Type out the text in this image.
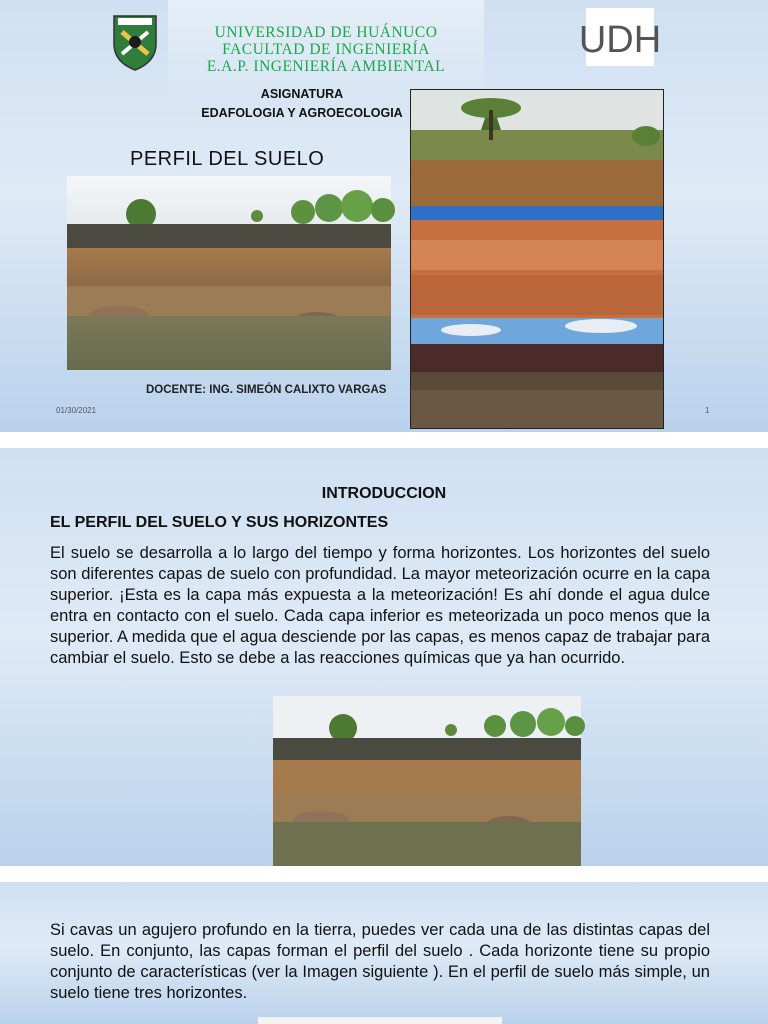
UNIVERSIDAD DE HUÁNUCO
FACULTAD DE INGENIERÍA
E.A.P. INGENIERÍA AMBIENTAL
UDH
ASIGNATURA
EDAFOLOGIA Y AGROECOLOGIA
PERFIL DEL SUELO
DOCENTE: ING. SIMEÓN CALIXTO VARGAS
01/30/2021	1
INTRODUCCION
EL PERFIL DEL SUELO Y SUS HORIZONTES

El suelo se desarrolla a lo largo del tiempo y forma horizontes. Los horizontes del suelo son diferentes capas de suelo con profundidad. La mayor meteorización ocurre en la capa superior. ¡Esta es la capa más expuesta a la meteorización! Es ahí donde el agua dulce entra en contacto con el suelo. Cada capa inferior es meteorizada un poco menos que la superior. A medida que el agua desciende por las capas, es menos capaz de trabajar para cambiar el suelo. Esto se debe a las reacciones químicas que ya han ocurrido.

Si cavas un agujero profundo en la tierra, puedes ver cada una de las distintas capas del suelo. En conjunto, las capas forman el perfil del suelo . Cada horizonte tiene su propio conjunto de características (ver la Imagen siguiente ). En el perfil de suelo más simple, un suelo tiene tres horizontes.
